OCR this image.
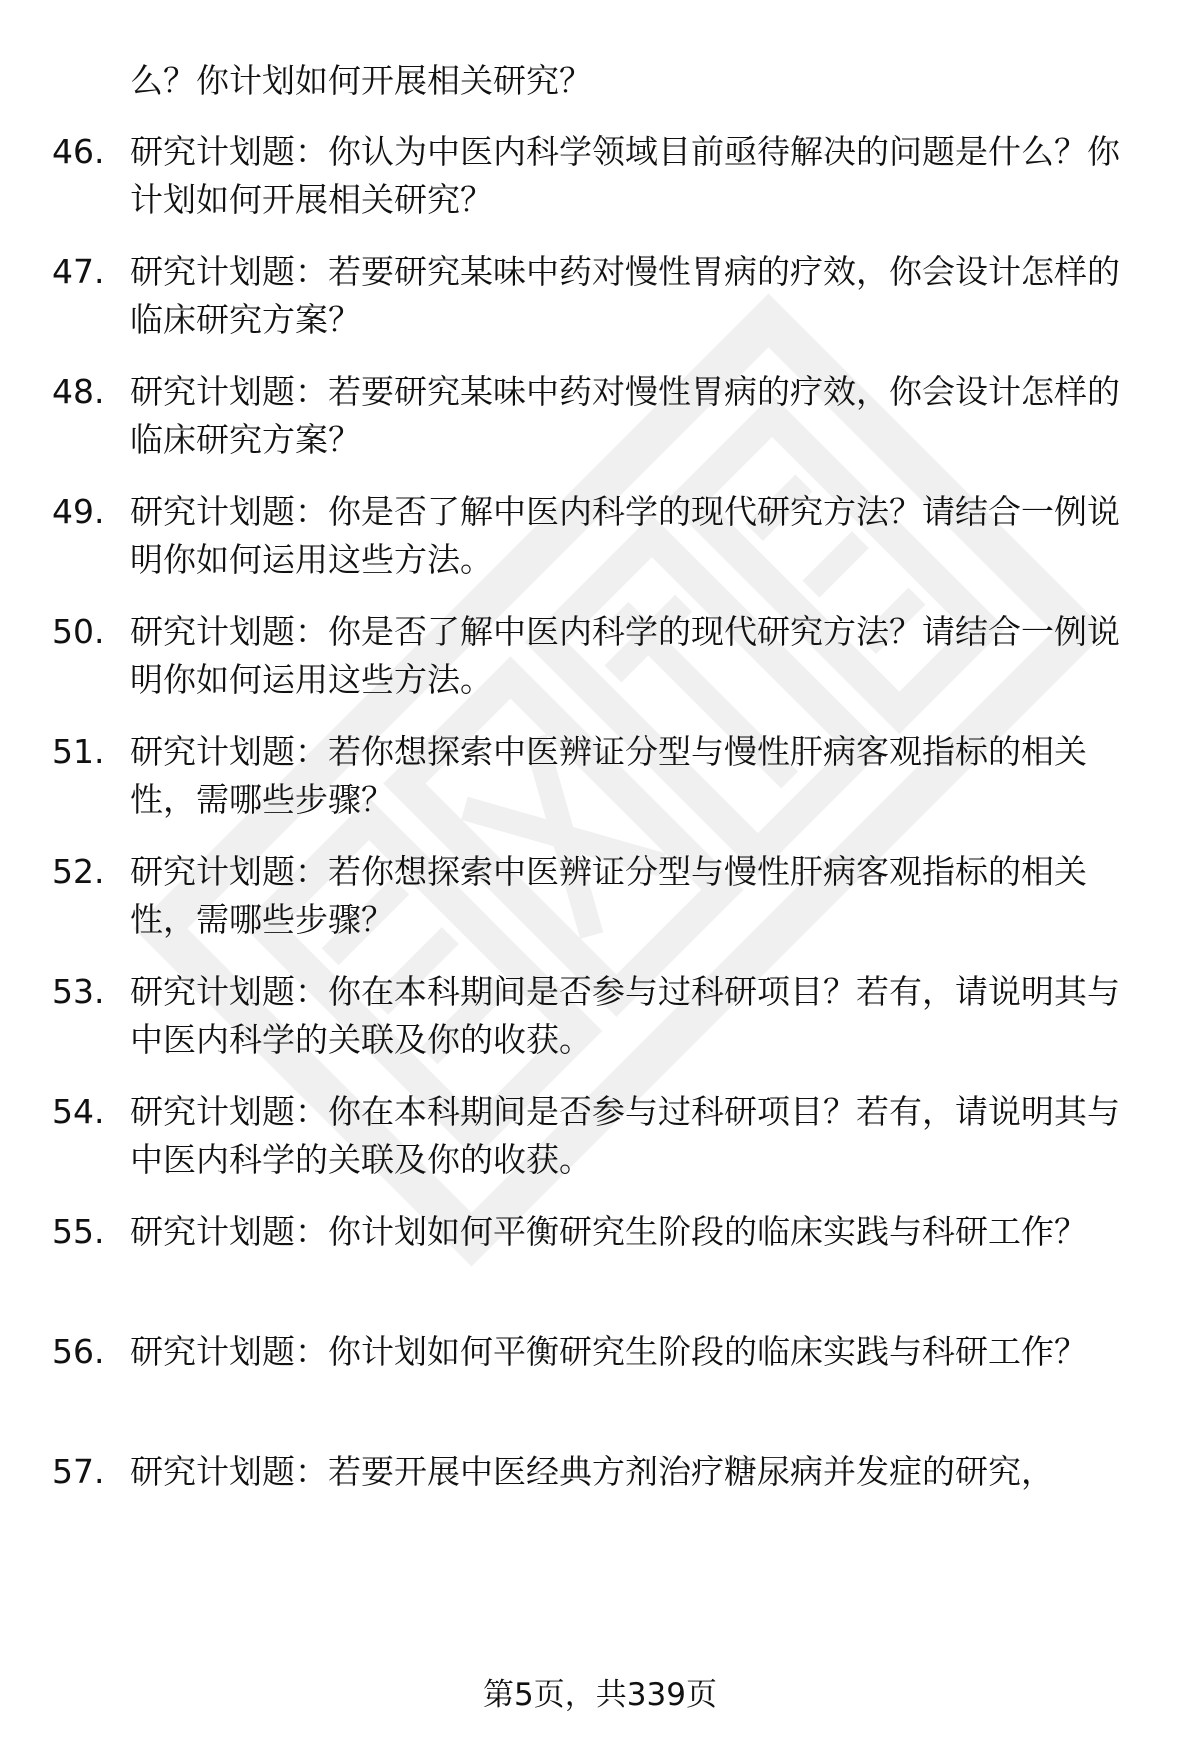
么？你计划如何开展相关研究？
46. 研究计划题：你认为中医内科学领域目前亟待解决的问题是什么？你计划如何开展相关研究？
47. 研究计划题：若要研究某味中药对慢性胃病的疗效，你会设计怎样的临床研究方案？
48. 研究计划题：若要研究某味中药对慢性胃病的疗效，你会设计怎样的临床研究方案？
49. 研究计划题：你是否了解中医内科学的现代研究方法？请结合一例说明你如何运用这些方法。
50. 研究计划题：你是否了解中医内科学的现代研究方法？请结合一例说明你如何运用这些方法。
51. 研究计划题：若你想探索中医辨证分型与慢性肝病客观指标的相关性，需哪些步骤？
52. 研究计划题：若你想探索中医辨证分型与慢性肝病客观指标的相关性，需哪些步骤？
53. 研究计划题：你在本科期间是否参与过科研项目？若有，请说明其与中医内科学的关联及你的收获。
54. 研究计划题：你在本科期间是否参与过科研项目？若有，请说明其与中医内科学的关联及你的收获。
55. 研究计划题：你计划如何平衡研究生阶段的临床实践与科研工作？
56. 研究计划题：你计划如何平衡研究生阶段的临床实践与科研工作？
57. 研究计划题：若要开展中医经典方剂治疗糖尿病并发症的研究，
第5页，共339页
